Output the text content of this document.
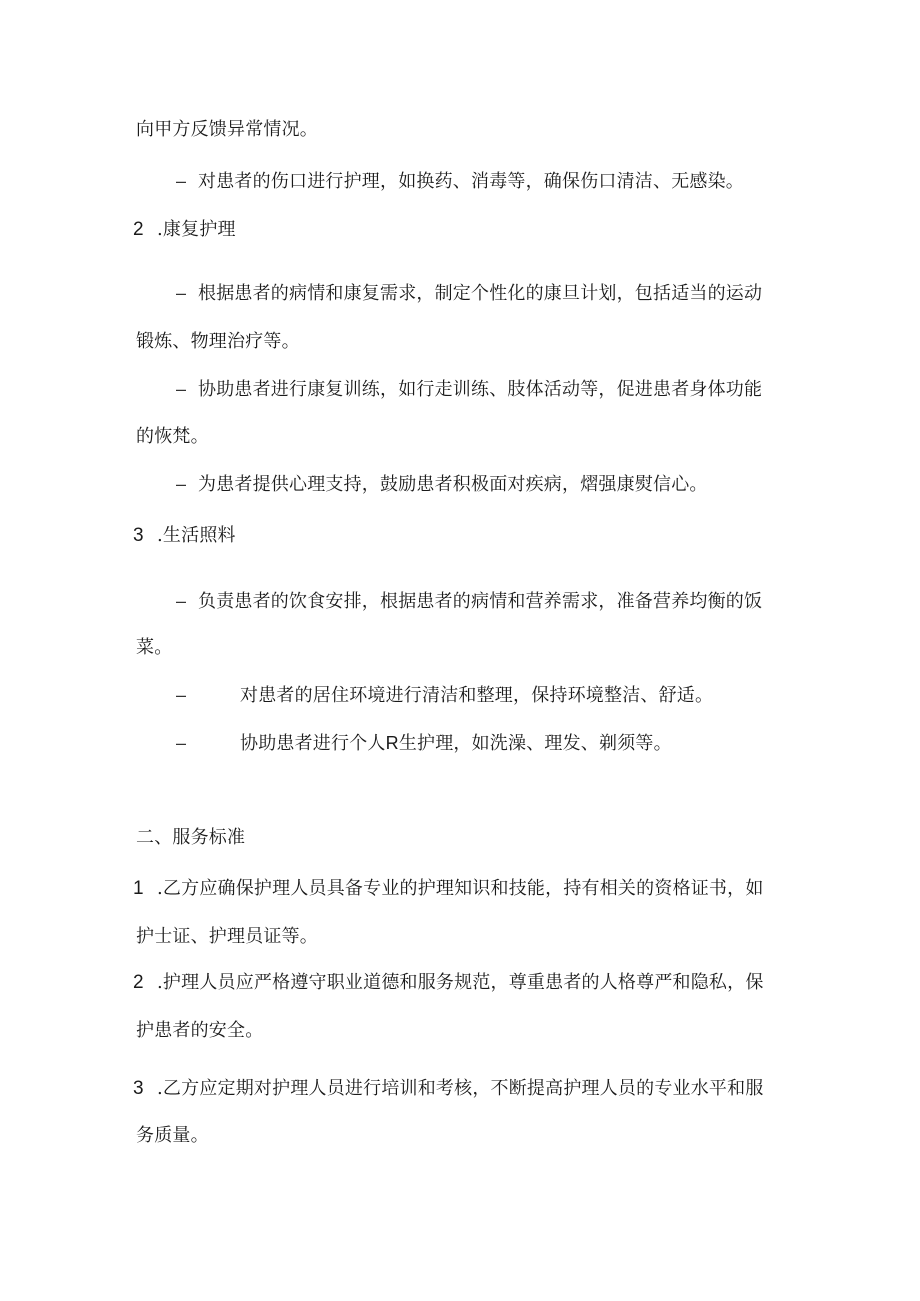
向甲方反馈异常情况。
– 对患者的伤口进行护理，如换药、消毒等，确保伤口清洁、无感染。
2 .康复护理
– 根据患者的病情和康复需求，制定个性化的康旦计划，包括适当的运动
锻炼、物理治疗等。
– 协助患者进行康复训练，如行走训练、肢体活动等，促进患者身体功能
的恢梵。
– 为患者提供心理支持，鼓励患者积极面对疾病，熠强康熨信心。
3 .生活照料
– 负责患者的饮食安排，根据患者的病情和营养需求，准备营养均衡的饭
菜。
–	对患者的居住环境进行清洁和整理，保持环境整洁、舒适。
–	协助患者进行个人R生护理，如洗澡、理发、剃须等。
二、服务标准
1 .乙方应确保护理人员具备专业的护理知识和技能，持有相关的资格证书，如
护士证、护理员证等。
2 .护理人员应严格遵守职业道德和服务规范，尊重患者的人格尊严和隐私，保
护患者的安全。
3 .乙方应定期对护理人员进行培训和考核，不断提高护理人员的专业水平和服
务质量。
